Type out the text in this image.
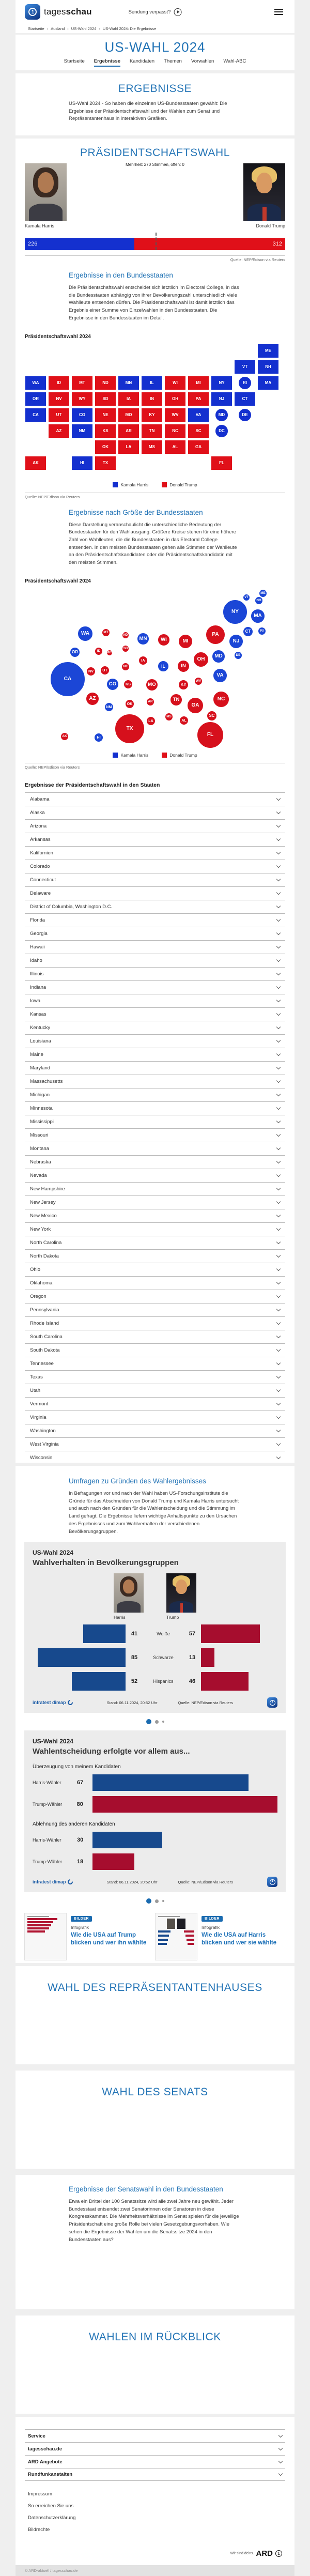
1
tagesschau	Sendung verpasst?
Startseite › Ausland › US-Wahl 2024 › US-Wahl 2024: Die Ergebnisse
US-WAHL 2024
Startseite Ergebnisse Kandidaten Themen Vorwahlen Wahl-ABC
ERGEBNISSE

US-Wahl 2024 - So haben die einzelnen US-Bundesstaaten gewählt: Die Ergebnisse der Präsidentschaftswahl und der Wahlen zum Senat und Repräsentantenhaus in interaktiven Grafiken.

PRÄSIDENTSCHAFTSWAHL
Mehrheit: 270 Stimmen, offen: 0
Kamala Harris	Donald Trump
226	312
Quelle: NEP/Edison via Reuters
Ergebnisse in den Bundesstaaten

Die Präsidentschaftswahl entscheidet sich letztlich im Electoral College, in das die Bundesstaaten abhängig von ihrer Bevölkerungszahl unterschiedlich viele Wahlleute entsenden dürfen. Die Präsidentschaftswahl ist damit letztlich das Ergebnis einer Summe von Einzelwahlen in den Bundesstaaten. Die Ergebnisse in den Bundesstaaten im Detail.

Präsidentschaftswahl 2024
ME
VT	NH
WA	ID	MT	ND	MN	IL	WI	MI	NY	RI	MA
OR	NV	WY	SD	IA	IN	OH	PA	NJ	CT
CA	UT	CO	NE	MO	KY	WV	VA	MD	DE
AZ	NM	KS	AR	TN	NC	SC	DC
OK	LA	MS	AL	GA
AK	HI	TX	FL
Kamala Harris	Donald Trump
Quelle: NEP/Edison via Reuters
Ergebnisse nach Größe der Bundesstaaten

Diese Darstellung veranschaulicht die unterschiedliche Bedeutung der Bundesstaaten für den Wahlausgang. Größere Kreise stehen für eine höhere Zahl von Wahlleuten, die die Bundesstaaten in das Electoral College entsenden. In den meisten Bundesstaaten gehen alle Stimmen der Wahlleute an den Präsidentschaftskandidaten oder die Präsidentschaftskandidatin mit den meisten Stimmen.

Präsidentschaftswahl 2024
ME
VT
NH
NY
MA
CT	RI
PA
NJ
MD	DE
WA	MT
ND
MN	WI	MI
OR	ID	WY
SD
IA
NE	IL	IN
OH
WV
VA
CA
NV	UT
CO	KS	MO	KY
NC
AZ
NM
OK	AR	TN
GA
SC
MS
AL
LA
TX
FL
AK	HI
Kamala Harris	Donald Trump
Quelle: NEP/Edison via Reuters
Ergebnisse der Präsidentschaftswahl in den Staaten
Alabama
Alaska
Arizona
Arkansas
Kalifornien
Colorado
Connecticut
Delaware
District of Columbia, Washington D.C.
Florida
Georgia
Hawaii
Idaho
Illinois
Indiana
Iowa
Kansas
Kentucky
Louisiana
Maine
Maryland
Massachusetts
Michigan
Minnesota
Mississippi
Missouri
Montana
Nebraska
Nevada
New Hampshire
New Jersey
New Mexico
New York
North Carolina
North Dakota
Ohio
Oklahoma
Oregon
Pennsylvania
Rhode Island
South Carolina
South Dakota
Tennessee
Texas
Utah
Vermont
Virginia
Washington
West Virginia
Wisconsin
Umfragen zu Gründen des Wahlergebnisses

In Befragungen vor und nach der Wahl haben US-Forschungsinstitute die Gründe für das Abschneiden von Donald Trump und Kamala Harris untersucht und auch nach den Gründen für die Wahlentscheidung und die Stimmung im Land gefragt. Die Ergebnisse liefern wichtige Anhaltspunkte zu den Ursachen des Ergebnisses und zum Wahlverhalten der verschiedenen Bevölkerungsgruppen.

US-Wahl 2024
Wahlverhalten in Bevölkerungsgruppen
Harris	Trump
41	Weiße	57
85	Schwarze	13
52	Hispanics	46
infratest dimap	Stand: 06.11.2024, 20:52 Uhr	Quelle: NEP/Edison via Reuters
1
US-Wahl 2024
Wahlentscheidung erfolgte vor allem aus...
Überzeugung von meinem Kandidaten
Harris-Wähler	67
Trump-Wähler	80
Ablehnung des anderen Kandidaten
Harris-Wähler	30
Trump-Wähler	18
infratest dimap	Stand: 06.11.2024, 20:52 Uhr	Quelle: NEP/Edison via Reuters
1
BILDER
Infografik
Wie die USA auf Trump blicken und wer ihn wählte
BILDER
Infografik
Wie die USA auf Harris blicken und wer sie wählte
WAHL DES REPRÄSENTANTENHAUSES
WAHL DES SENATS
Ergebnisse der Senatswahl in den Bundesstaaten

Etwa ein Drittel der 100 Senatssitze wird alle zwei Jahre neu gewählt. Jeder Bundesstaat entsendet zwei Senatorinnen oder Senatoren in diese Kongresskammer. Die Mehrheitsverhältnisse im Senat spielen für die jeweilige Präsidentschaft eine große Rolle bei vielen Gesetzgebungsvorhaben. Wie sehen die Ergebnisse der Wahlen um die Senatssitze 2024 in den Bundesstaaten aus?

WAHLEN IM RÜCKBLICK
Service
tagesschau.de
ARD Angebote
Rundfunkanstalten
Impressum
So erreichen Sie uns
Datenschutzerklärung
Bildrechte
Wir sind deins. ARD	1
© ARD-aktuell / tagesschau.de
